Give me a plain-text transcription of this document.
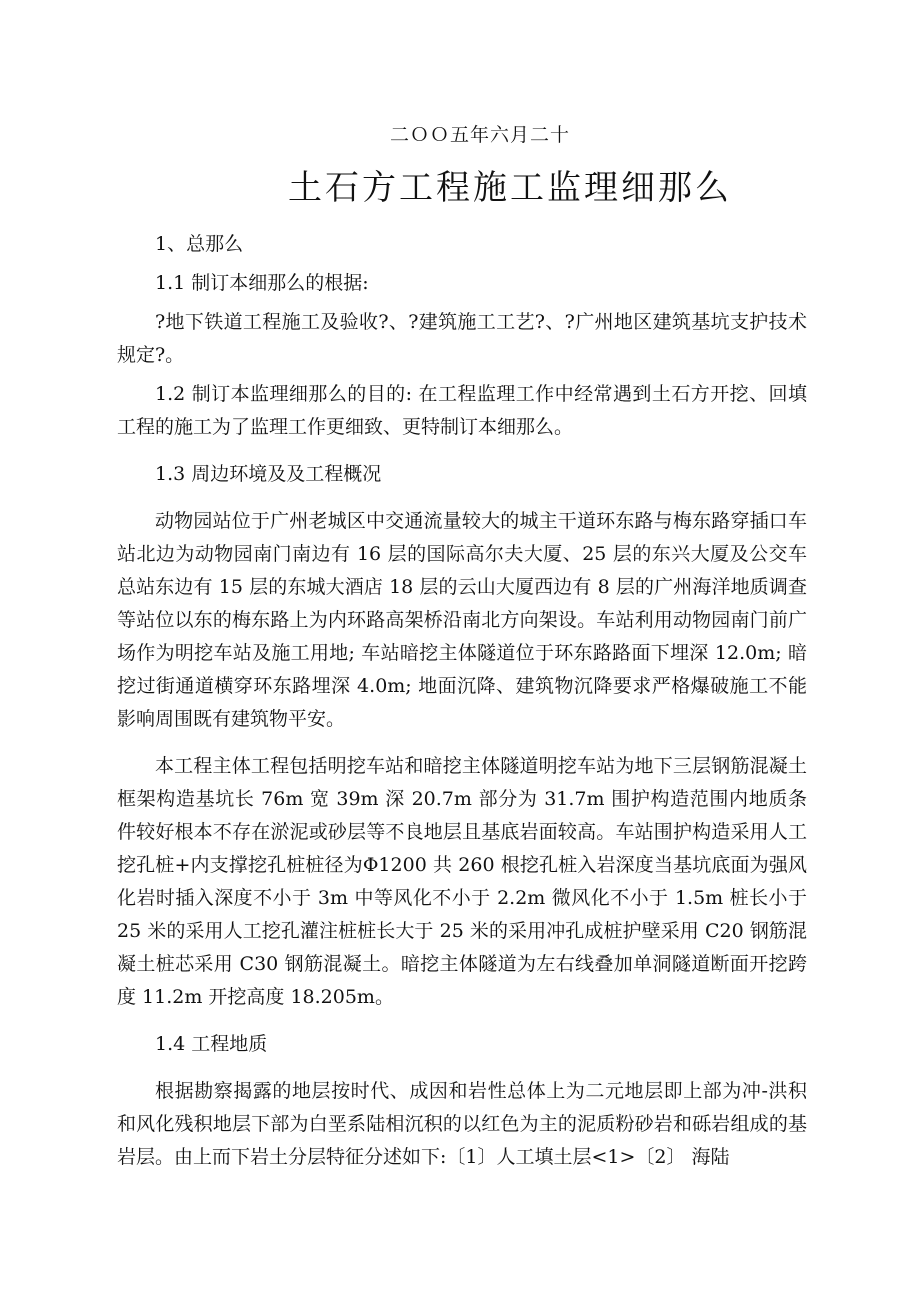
二ＯＯ五年六月二十
土石方工程施工监理细那么

1、总那么

1.1 制订本细那么的根据:

?地下铁道工程施工及验收?、?建筑施工工艺?、?广州地区建筑基坑支护技术规定?。

1.2 制订本监理细那么的目的: 在工程监理工作中经常遇到土石方开挖、回填工程的施工为了监理工作更细致、更特制订本细那么。

1.3 周边环境及及工程概况

动物园站位于广州老城区中交通流量较大的城主干道环东路与梅东路穿插口车站北边为动物园南门南边有 16 层的国际高尔夫大厦、25 层的东兴大厦及公交车总站东边有 15 层的东城大酒店 18 层的云山大厦西边有 8 层的广州海洋地质调查等站位以东的梅东路上为内环路高架桥沿南北方向架设。车站利用动物园南门前广场作为明挖车站及施工用地; 车站暗挖主体隧道位于环东路路面下埋深 12.0m; 暗挖过街通道横穿环东路埋深 4.0m; 地面沉降、建筑物沉降要求严格爆破施工不能影响周围既有建筑物平安。

本工程主体工程包括明挖车站和暗挖主体隧道明挖车站为地下三层钢筋混凝土框架构造基坑长 76m 宽 39m 深 20.7m 部分为 31.7m 围护构造范围内地质条件较好根本不存在淤泥或砂层等不良地层且基底岩面较高。车站围护构造采用人工挖孔桩+内支撑挖孔桩桩径为Φ1200 共 260 根挖孔桩入岩深度当基坑底面为强风化岩时插入深度不小于 3m 中等风化不小于 2.2m 微风化不小于 1.5m 桩长小于 25 米的采用人工挖孔灌注桩桩长大于 25 米的采用冲孔成桩护壁采用 C20 钢筋混凝土桩芯采用 C30 钢筋混凝土。暗挖主体隧道为左右线叠加单洞隧道断面开挖跨度 11.2m 开挖高度 18.205m。

1.4 工程地质

根据勘察揭露的地层按时代、成因和岩性总体上为二元地层即上部为冲-洪积和风化残积地层下部为白垩系陆相沉积的以红色为主的泥质粉砂岩和砾岩组成的基岩层。由上而下岩土分层特征分述如下:〔1〕人工填土层<1>〔2〕 海陆
